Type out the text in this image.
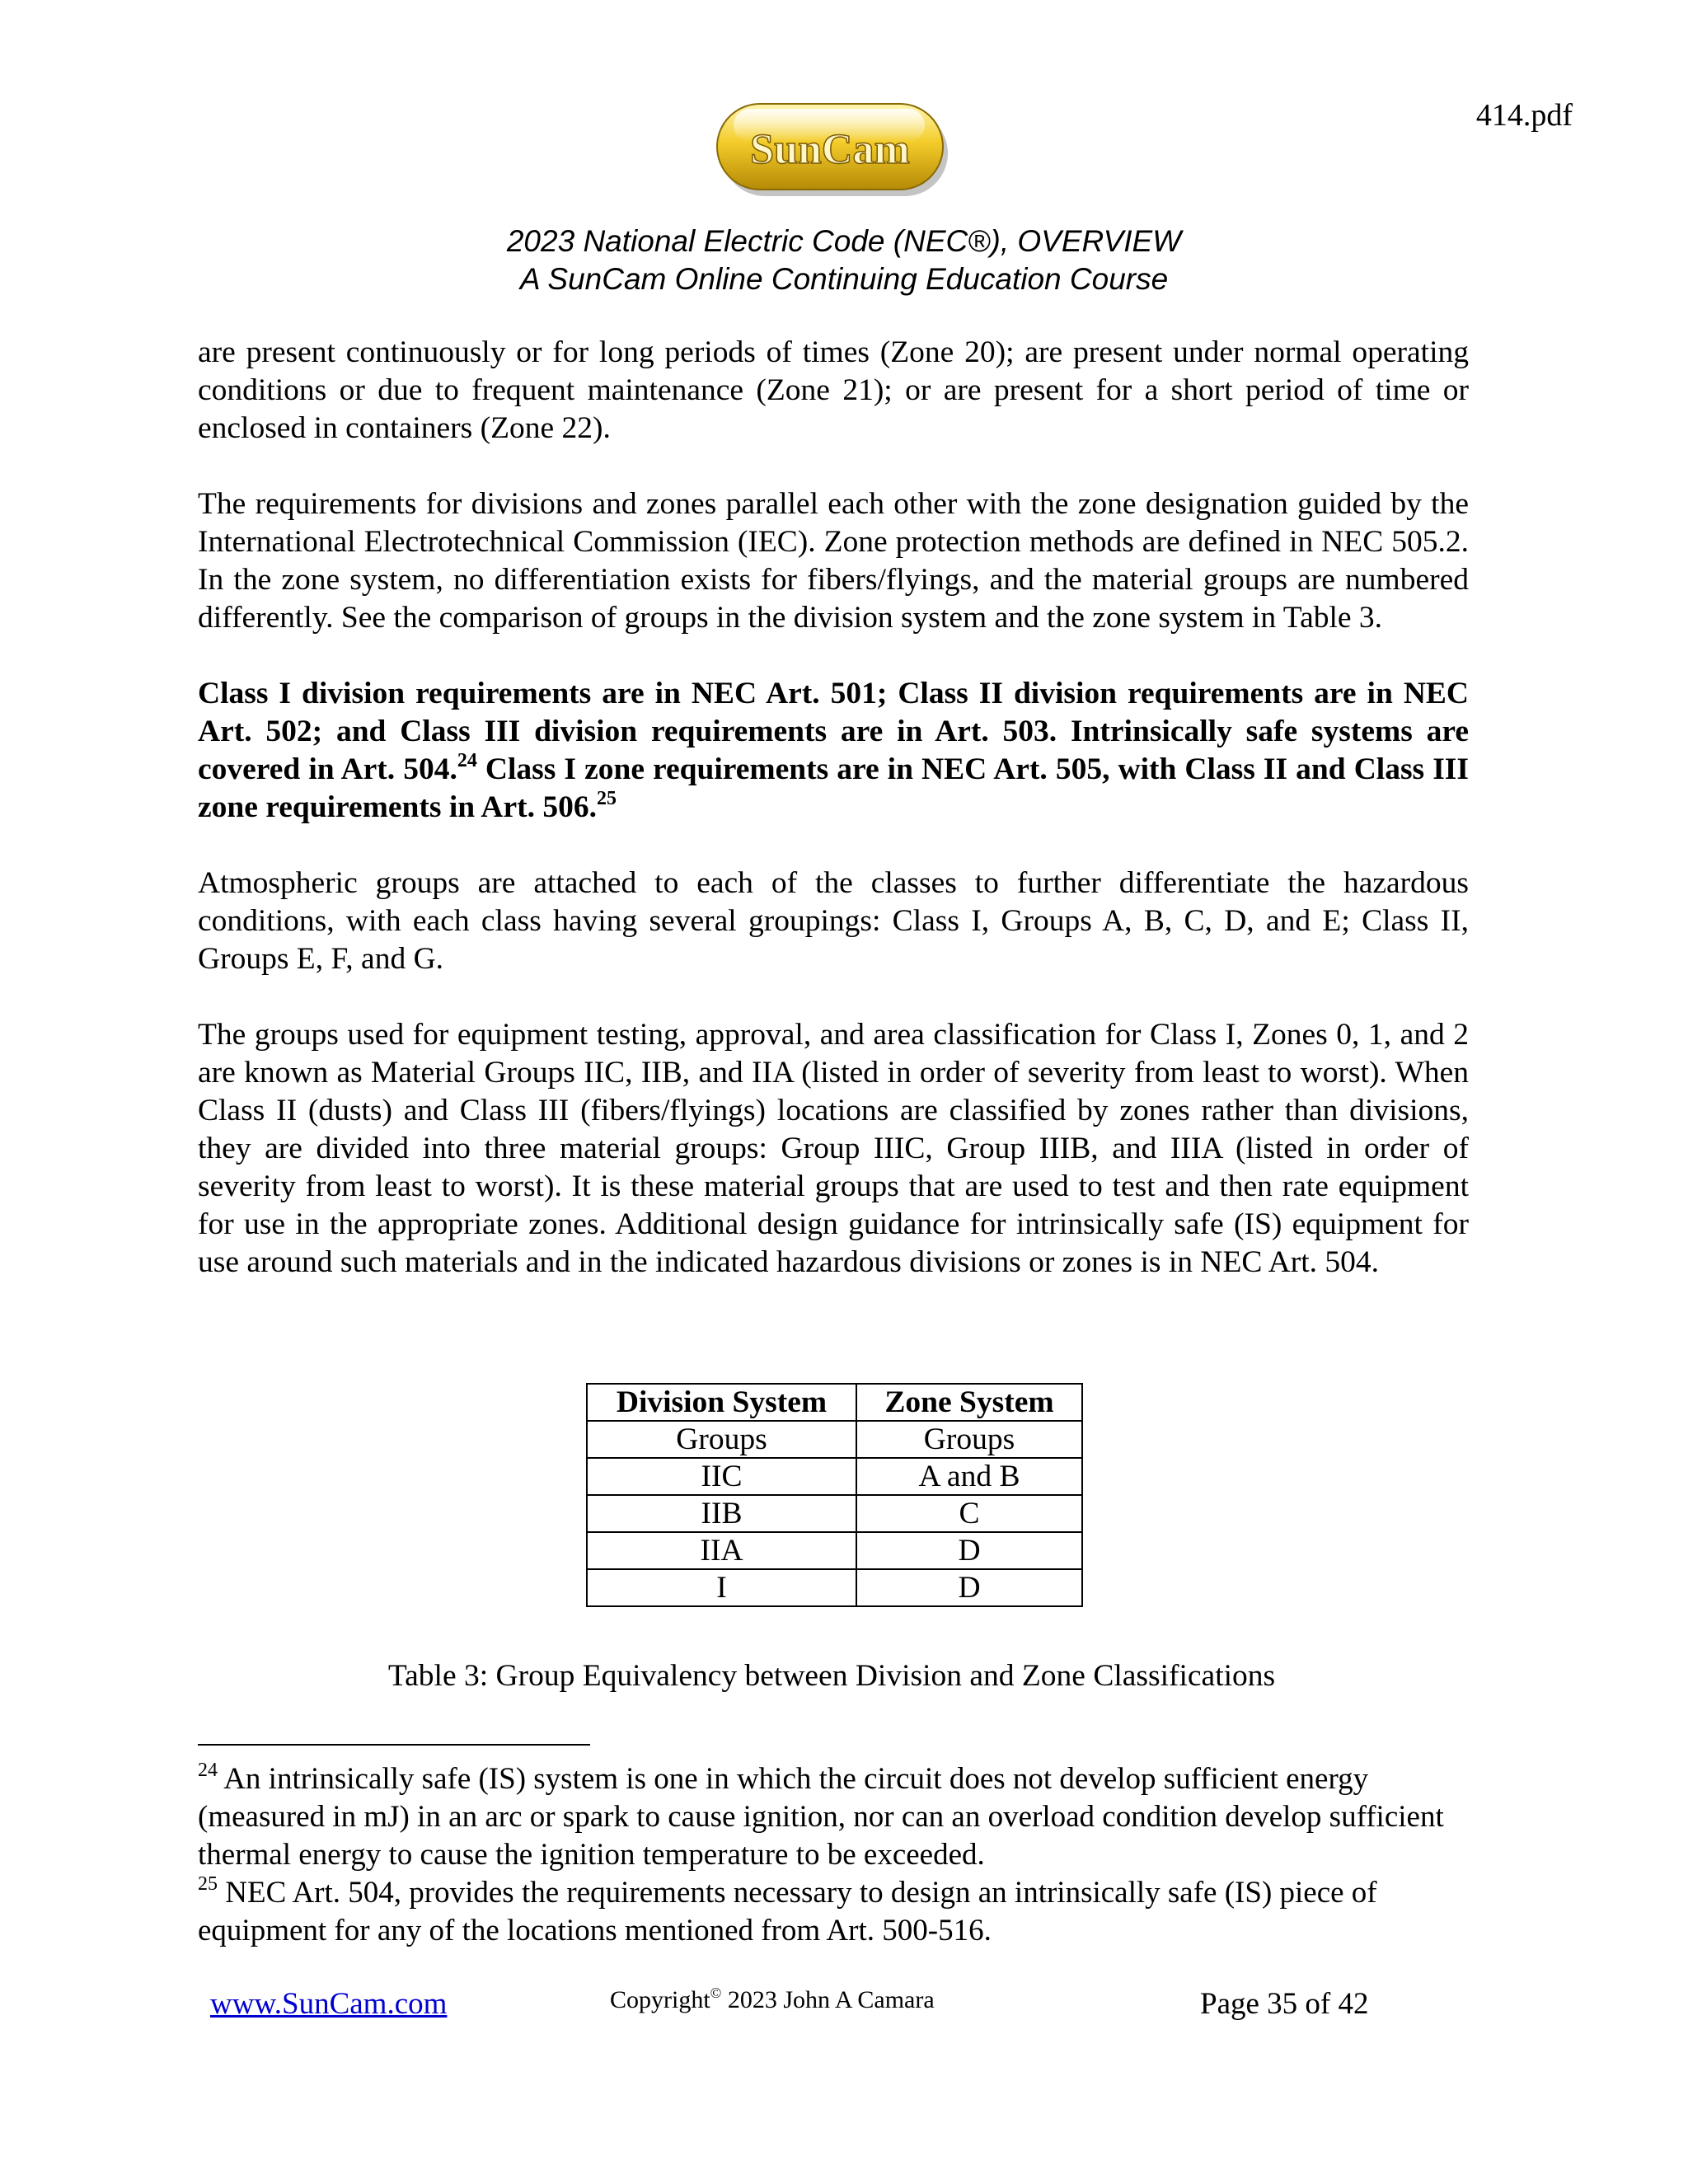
414.pdf
SunCam
2023 National Electric Code (NEC®), OVERVIEW
A SunCam Online Continuing Education Course

are present continuously or for long periods of times (Zone 20); are present under normal operating conditions or due to frequent maintenance (Zone 21); or are present for a short period of time or enclosed in containers (Zone 22).

The requirements for divisions and zones parallel each other with the zone designation guided by the International Electrotechnical Commission (IEC). Zone protection methods are defined in NEC 505.2. In the zone system, no differentiation exists for fibers/flyings, and the material groups are numbered differently. See the comparison of groups in the division system and the zone system in Table 3.

Class I division requirements are in NEC Art. 501; Class II division requirements are in NEC Art. 502; and Class III division requirements are in Art. 503. Intrinsically safe systems are covered in Art. 504.24 Class I zone requirements are in NEC Art. 505, with Class II and Class III zone requirements in Art. 506.25

Atmospheric groups are attached to each of the classes to further differentiate the hazardous conditions, with each class having several groupings: Class I, Groups A, B, C, D, and E; Class II, Groups E, F, and G.

The groups used for equipment testing, approval, and area classification for Class I, Zones 0, 1, and 2 are known as Material Groups IIC, IIB, and IIA (listed in order of severity from least to worst). When Class II (dusts) and Class III (fibers/flyings) locations are classified by zones rather than divisions, they are divided into three material groups: Group IIIC, Group IIIB, and IIIA (listed in order of severity from least to worst). It is these material groups that are used to test and then rate equipment for use in the appropriate zones. Additional design guidance for intrinsically safe (IS) equipment for use around such materials and in the indicated hazardous divisions or zones is in NEC Art. 504.

Division System	Zone System
Groups	Groups
IIC	A and B
IIB	C
IIA	D
I	D
Table 3: Group Equivalency between Division and Zone Classifications

$^{24}$ An intrinsically safe (IS) system is one in which the circuit does not develop sufficient energy (measured in mJ) in an arc or spark to cause ignition, nor can an overload condition develop sufficient thermal energy to cause the ignition temperature to be exceeded.

$^{25}$ NEC Art. 504, provides the requirements necessary to design an intrinsically safe (IS) piece of equipment for any of the locations mentioned from Art. 500-516.

www.SunCam.com	Copyright© 2023 John A Camara	Page 35 of 42
